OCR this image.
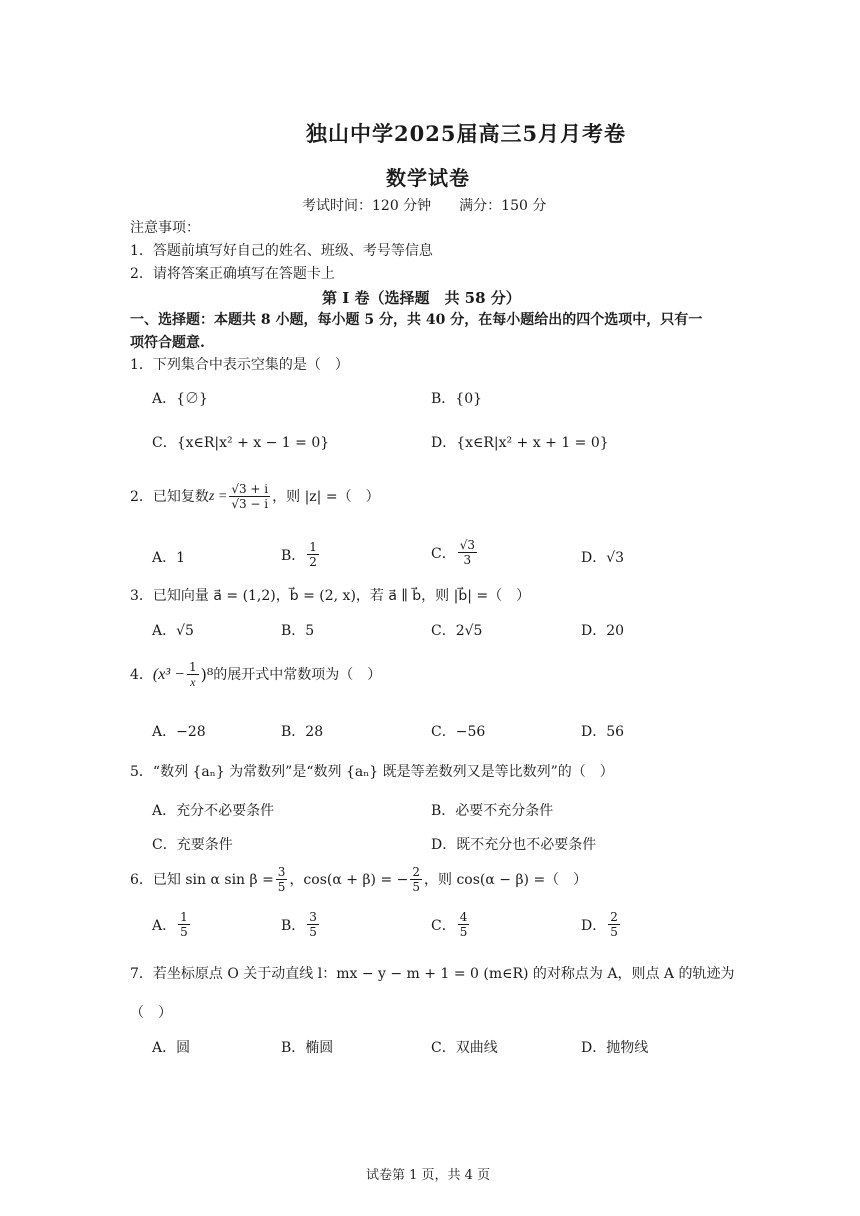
独山中学2025届高三5月月考卷
数学试卷
考试时间：120 分钟　　满分：150 分
注意事项：
1．答题前填写好自己的姓名、班级、考号等信息
2．请将答案正确填写在答题卡上
第 I 卷（选择题　共 58 分）
一、选择题：本题共 8 小题，每小题 5 分，共 40 分，在每小题给出的四个选项中，只有一
项符合题意.
1．下列集合中表示空集的是（　）
A．{∅}	B．{0}
C．{x∈R|x² + x − 1 = 0}	D．{x∈R|x² + x + 1 = 0}
2．已知复数 $z = \frac{√3 + i}{√3 - i}$ ，则 |z| =（　）
A．1	B． $\frac{1}{2}$	C． $\frac{√3}{3}$	D．√3
3．已知向量 a⃗ = (1,2)，b⃗ = (2, x)，若 a⃗ ∥ b⃗，则 |b⃗| =（　）
A．√5	B．5	C．2√5	D．20
4． $(x^3 - \frac{1}{x} )^8$ 的展开式中常数项为（　）
A．−28	B．28	C．−56	D．56
5．“数列 {aₙ} 为常数列”是“数列 {aₙ} 既是等差数列又是等比数列”的（　）
A．充分不必要条件	B．必要不充分条件
C．充要条件	D．既不充分也不必要条件
6．已知 sin α $\sin \beta = \frac{3}{5}$ ，cos(α + β) = − $\frac{2}{5}$ ，则 cos(α − β) =（　）
A． $\frac{1}{5}$	B． $\frac{3}{5}$	C． $\frac{4}{5}$	D． $\frac{2}{5}$
7．若坐标原点 O 关于动直线 l：mx − y − m + 1 = 0 (m∈R) 的对称点为 A，则点 A 的轨迹为
（　）
A．圆	B．椭圆	C．双曲线	D．抛物线
试卷第 1 页，共 4 页
